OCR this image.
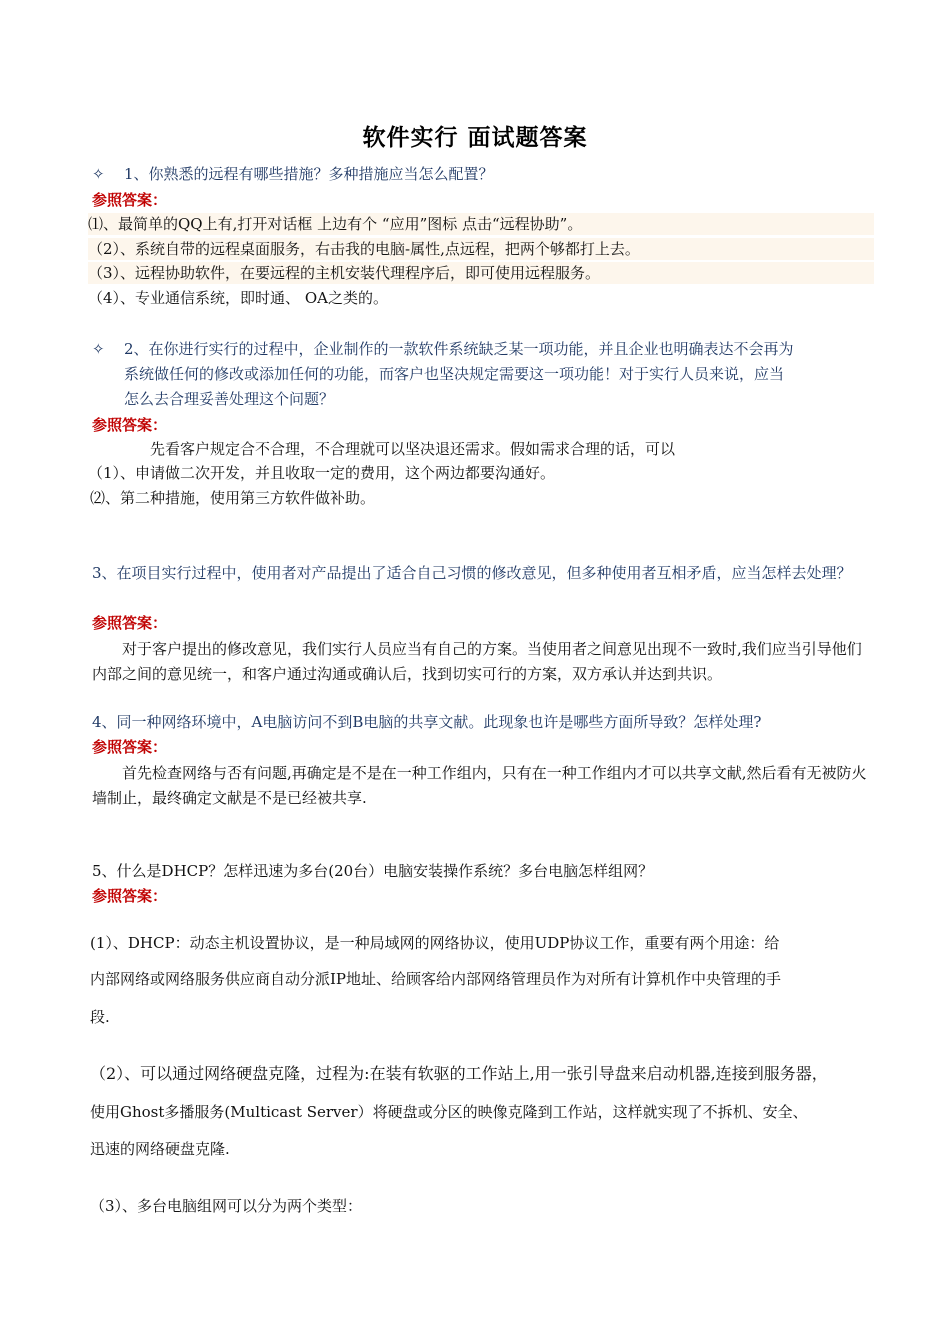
软件实行 面试题答案
✧ 1、你熟悉的远程有哪些措施？多种措施应当怎么配置？
参照答案：
⑴、最简单的QQ上有,打开对话框 上边有个 “应用”图标 点击“远程协助”。
（2）、系统自带的远程桌面服务，右击我的电脑-属性,点远程，把两个够都打上去。
（3）、远程协助软件，在要远程的主机安装代理程序后，即可使用远程服务。
（4）、专业通信系统，即时通、 OA之类的。
✧ 2、在你进行实行的过程中，企业制作的一款软件系统缺乏某一项功能，并且企业也明确表达不会再为
系统做任何的修改或添加任何的功能，而客户也坚决规定需要这一项功能！对于实行人员来说，应当
怎么去合理妥善处理这个问题？
参照答案：
先看客户规定合不合理，不合理就可以坚决退还需求。假如需求合理的话，可以
（1）、申请做二次开发，并且收取一定的费用，这个两边都要沟通好。
⑵、第二种措施，使用第三方软件做补助。
3、在项目实行过程中，使用者对产品提出了适合自己习惯的修改意见，但多种使用者互相矛盾，应当怎样去处理？
参照答案：
对于客户提出的修改意见，我们实行人员应当有自己的方案。当使用者之间意见出现不一致时,我们应当引导他们内部之间的意见统一，和客户通过沟通或确认后，找到切实可行的方案，双方承认并达到共识。
4、同一种网络环境中，A电脑访问不到B电脑的共享文献。此现象也许是哪些方面所导致？怎样处理?
参照答案：
首先检查网络与否有问题,再确定是不是在一种工作组内，只有在一种工作组内才可以共享文献,然后看有无被防火墙制止，最终确定文献是不是已经被共享.
5、什么是DHCP？怎样迅速为多台(20台）电脑安装操作系统？多台电脑怎样组网？
参照答案：
(1）、DHCP：动态主机设置协议，是一种局域网的网络协议，使用UDP协议工作，重要有两个用途：给
内部网络或网络服务供应商自动分派IP地址、给顾客给内部网络管理员作为对所有计算机作中央管理的手
段.
（2）、可以通过网络硬盘克隆，过程为:在装有软驱的工作站上,用一张引导盘来启动机器,连接到服务器，
使用Ghost多播服务(Multicast Server）将硬盘或分区的映像克隆到工作站，这样就实现了不拆机、安全、
迅速的网络硬盘克隆.
（3）、多台电脑组网可以分为两个类型：
